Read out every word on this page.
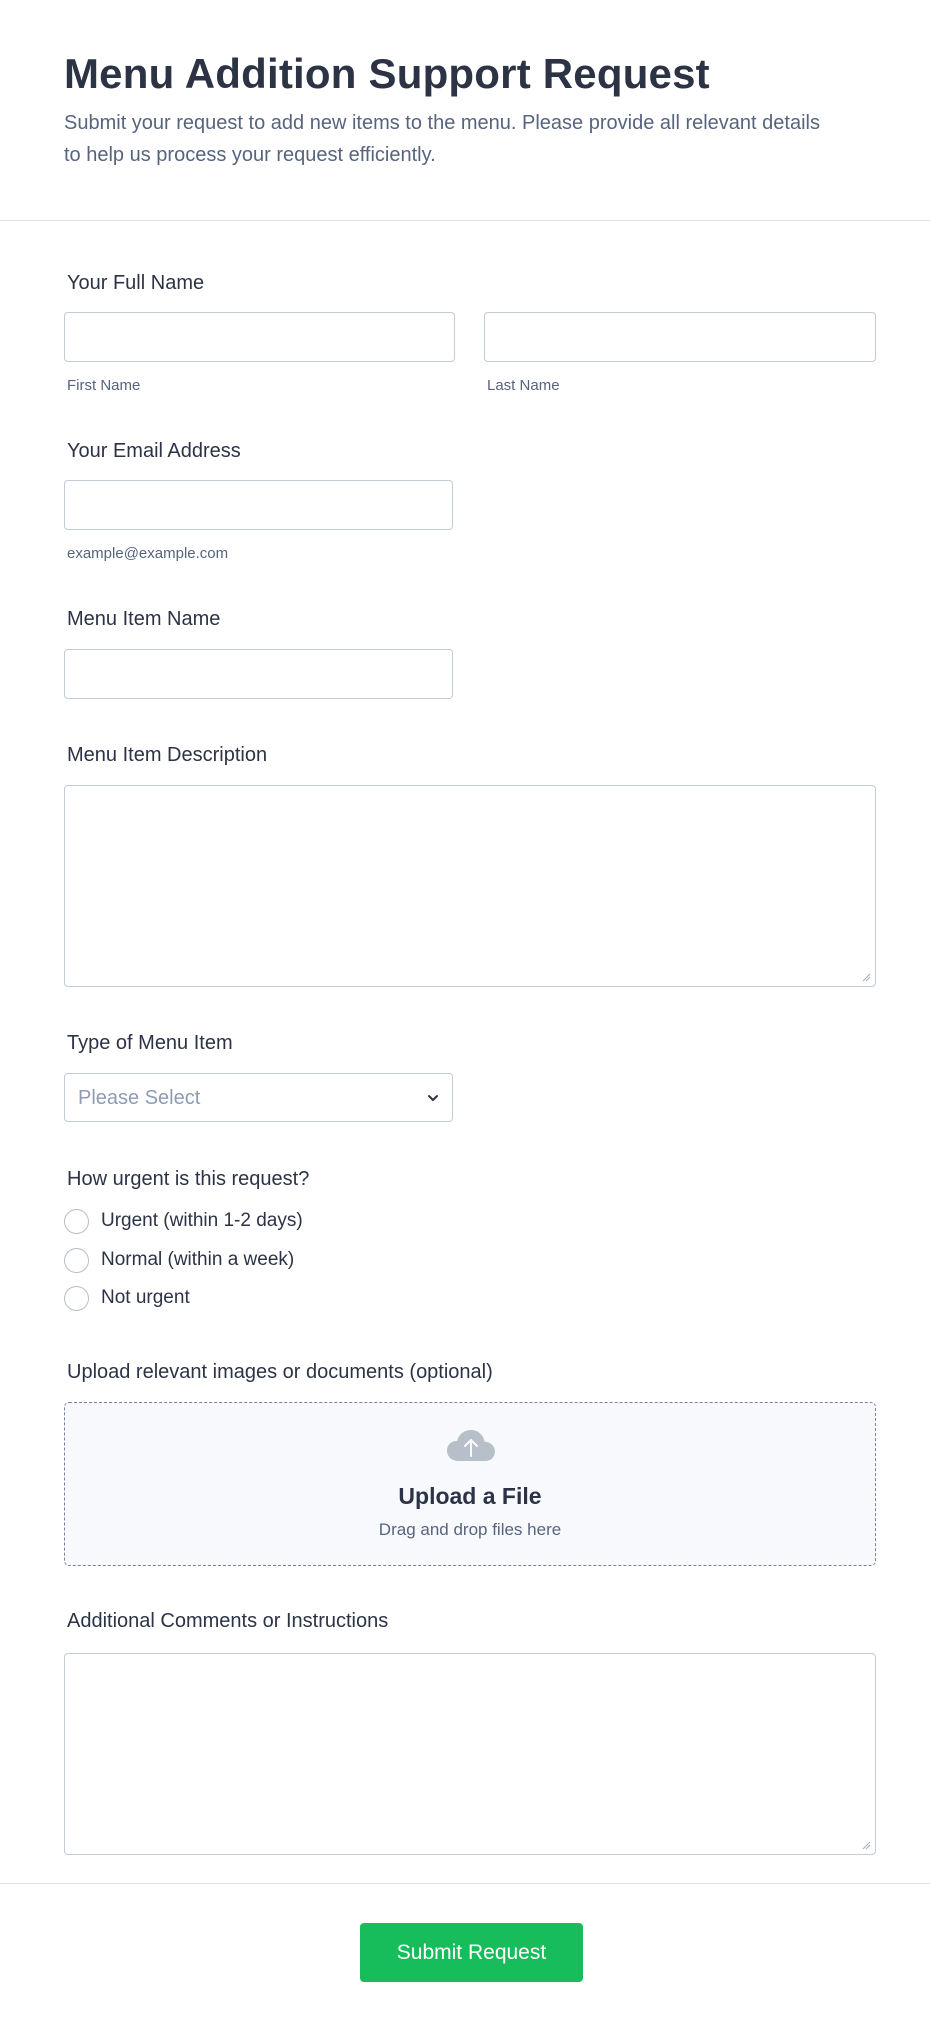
Menu Addition Support Request

Submit your request to add new items to the menu. Please provide all relevant details to help us process your request efficiently.

Your Full Name
First Name	Last Name
Your Email Address
example@example.com
Menu Item Name
Menu Item Description
Type of Menu Item
Please Select
How urgent is this request?
Urgent (within 1-2 days)
Normal (within a week)
Not urgent
Upload relevant images or documents (optional)
Upload a File
Drag and drop files here
Additional Comments or Instructions
Submit Request
